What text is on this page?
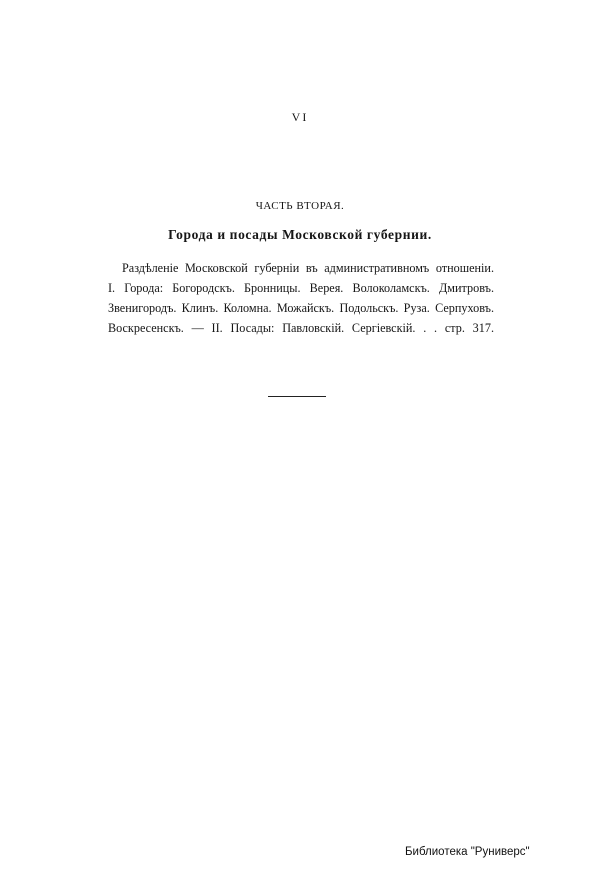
VI
ЧАСТЬ ВТОРАЯ.
Города и посады Московской губернии.
Раздѣленіе Московской губерніи въ административномъ отношеніи.
I. Города: Богородскъ. Бронницы. Верея. Волоколамскъ. Дмитровъ.
Звенигородъ. Клинъ. Коломна. Можайскъ. Подольскъ. Руза. Серпуховъ.
Воскресенскъ. — II. Посады: Павловскій. Сергіевскій. . . стр. 317.
Библиотека "Руниверс"
